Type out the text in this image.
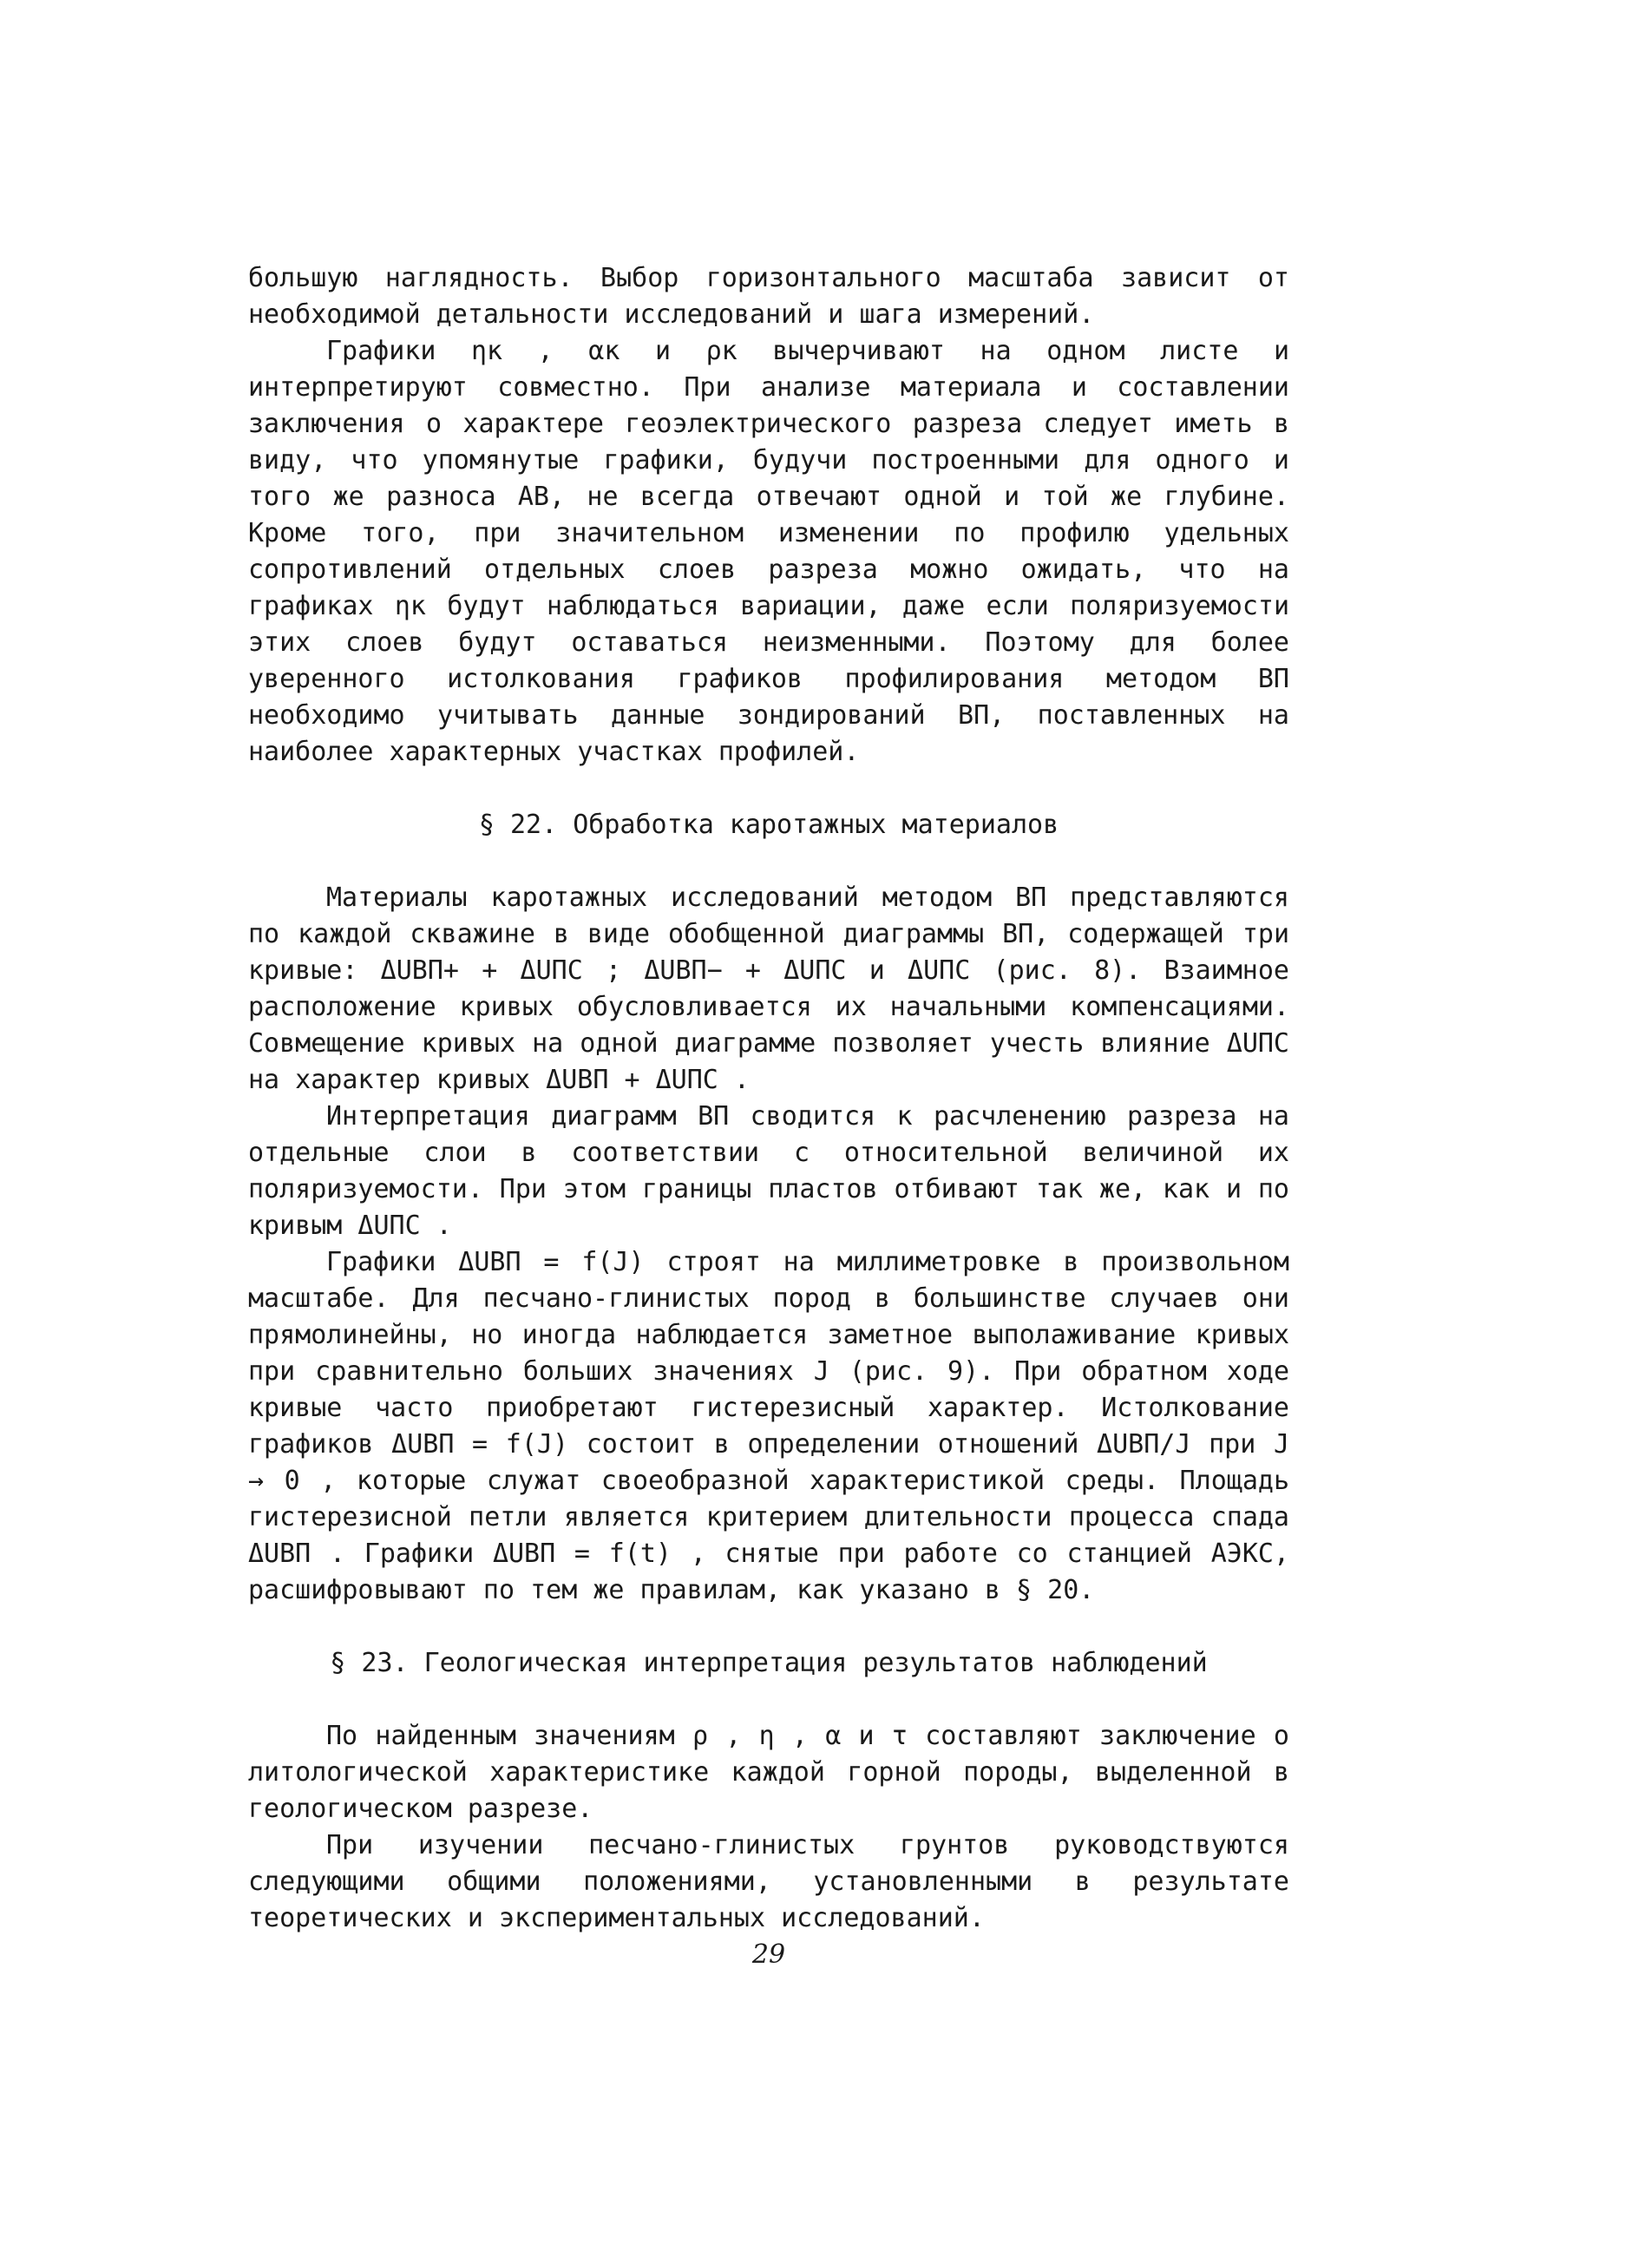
большую наглядность. Выбор горизонтального масштаба зависит от необходимой детальности исследований и шага измерений.

Графики ηк , αк и ρк вычерчивают на одном листе и интерпретируют совместно. При анализе материала и составлении заключения о характере геоэлектрического разреза следует иметь в виду, что упомянутые графики, будучи построенными для одного и того же разноса АВ, не всегда отвечают одной и той же глубине. Кроме того, при значительном изменении по профилю удельных сопротивлений отдельных слоев разреза можно ожидать, что на графиках ηк будут наблюдаться вариации, даже если поляризуемости этих слоев будут оставаться неизменными. Поэтому для более уверенного истолкования графиков профилирования методом ВП необходимо учитывать данные зондирований ВП, поставленных на наиболее характерных участках профилей.

§ 22. Обработка каротажных материалов

Материалы каротажных исследований методом ВП представляются по каждой скважине в виде обобщенной диаграммы ВП, содержащей три кривые: ΔUВП+ + ΔUПС ; ΔUВП− + ΔUПС и ΔUПС (рис. 8). Взаимное расположение кривых обусловливается их начальными компенсациями. Совмещение кривых на одной диаграмме позволяет учесть влияние ΔUПС на характер кривых ΔUВП + ΔUПС .

Интерпретация диаграмм ВП сводится к расчленению разреза на отдельные слои в соответствии с относительной величиной их поляризуемости. При этом границы пластов отбивают так же, как и по кривым ΔUПС .

Графики ΔUВП = f(J) строят на миллиметровке в произвольном масштабе. Для песчано-глинистых пород в большинстве случаев они прямолинейны, но иногда наблюдается заметное выполаживание кривых при сравнительно больших значениях J (рис. 9). При обратном ходе кривые часто приобретают гистерезисный характер. Истолкование графиков ΔUВП = f(J) состоит в определении отношений ΔUВП/J при J → 0 , которые служат своеобразной характеристикой среды. Площадь гистерезисной петли является критерием длительности процесса спада ΔUВП . Графики ΔUВП = f(t) , снятые при работе со станцией АЭКС, расшифровывают по тем же правилам, как указано в § 20.

§ 23. Геологическая интерпретация результатов наблюдений

По найденным значениям ρ , η , α и τ составляют заключение о литологической характеристике каждой горной породы, выделенной в геологическом разрезе.

При изучении песчано-глинистых грунтов руководствуются следующими общими положениями, установленными в результате теоретических и экспериментальных исследований.

29
